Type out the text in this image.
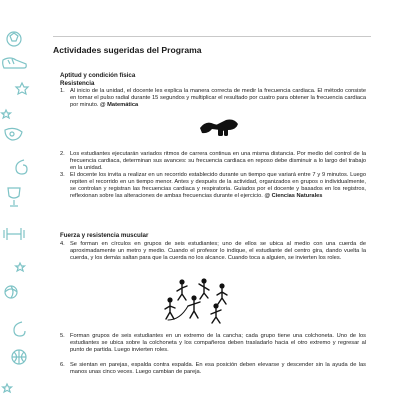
Actividades sugeridas del Programa

Aptitud y condición física

Resistencia

1. Al inicio de la unidad, el docente les explica la manera correcta de medir la frecuencia cardiaca. El método consiste en tomar el pulso radial durante 15 segundos y multiplicar el resultado por cuatro para obtener la frecuencia cardiaca por minuto. @ Matemática
2. Los estudiantes ejecutarán variados ritmos de carrera continua en una misma distancia. Por medio del control de la frecuencia cardiaca, determinan sus avances: su frecuencia cardiaca en reposo debe disminuir a lo largo del trabajo en la unidad.
3. El docente los invita a realizar en un recorrido establecido durante un tiempo que variará entre 7 y 9 minutos. Luego repiten el recorrido en un tiempo menor. Antes y después de la actividad, organizados en grupos o individualmente, se controlan y registran las frecuencias cardiaca y respiratoria. Guiados por el docente y basados en los registros, reflexionan sobre las alteraciones de ambas frecuencias durante el ejercicio. @ Ciencias Naturales

Fuerza y resistencia muscular

4. Se forman en círculos en grupos de seis estudiantes; uno de ellos se ubica al medio con una cuerda de aproximadamente un metro y medio. Cuando el profesor lo indique, el estudiante del centro gira, dando vuelta la cuerda, y los demás saltan para que la cuerda no los alcance. Cuando toca a alguien, se invierten los roles.
5. Forman grupos de seis estudiantes en un extremo de la cancha; cada grupo tiene una colchoneta. Uno de los estudiantes se ubica sobre la colchoneta y los compañeros deben trasladarlo hacia el otro extremo y regresar al punto de partida. Luego invierten roles.
6. Se sientan en parejas, espalda contra espalda. En esa posición deben elevarse y descender sin la ayuda de las manos unas cinco veces. Luego cambian de pareja.
